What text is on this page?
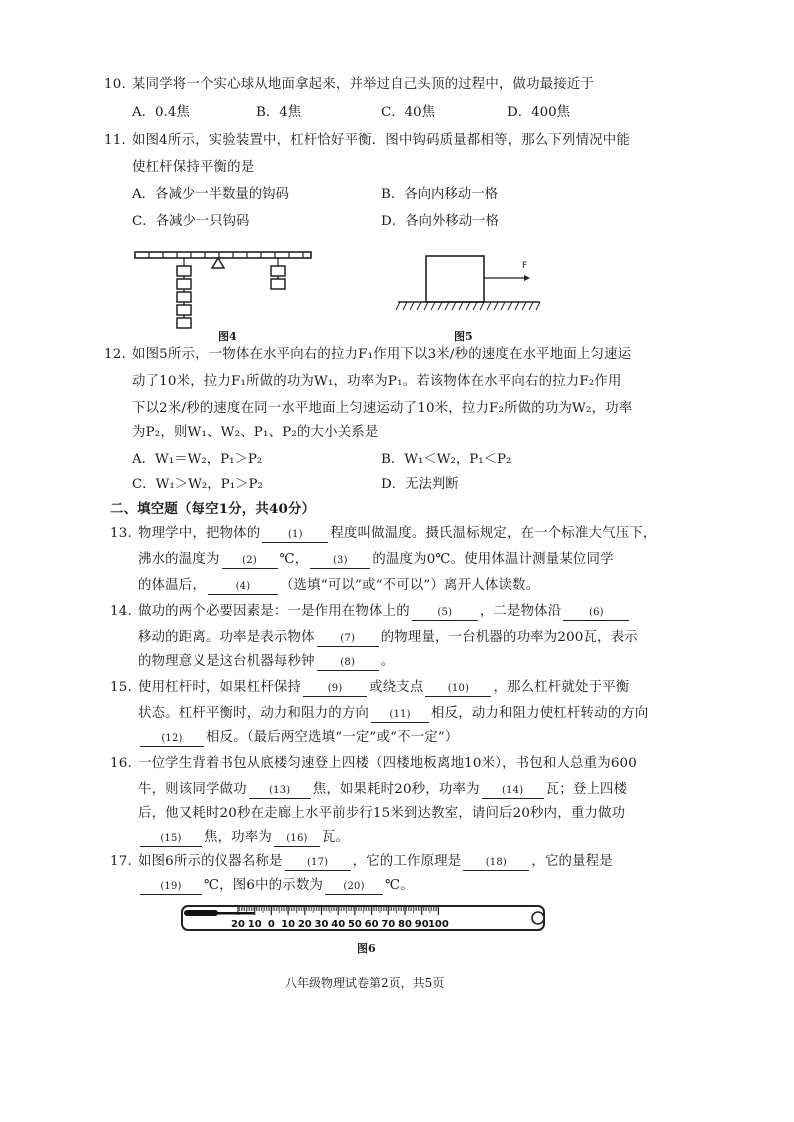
10. 某同学将一个实心球从地面拿起来，并举过自己头顶的过程中，做功最接近于
A．0.4焦	B．4焦	C．40焦	D．400焦
11．如图4所示，实验装置中，杠杆恰好平衡．图中钩码质量都相等，那么下列情况中能
使杠杆保持平衡的是
A．各减少一半数量的钩码	B．各向内移动一格
C．各减少一只钩码	D．各向外移动一格
图4
F
图5
12. 如图5所示，一物体在水平向右的拉力F₁作用下以3米/秒的速度在水平地面上匀速运
动了10米，拉力F₁所做的功为W₁，功率为P₁。若该物体在水平向右的拉力F₂作用
下以2米/秒的速度在同一水平地面上匀速运动了10米，拉力F₂所做的功为W₂，功率
为P₂，则W₁、W₂、P₁、P₂的大小关系是
A．W₁＝W₂，P₁＞P₂	B．W₁＜W₂，P₁＜P₂
C．W₁＞W₂，P₁＞P₂	D．无法判断
二、填空题（每空1分，共40分）
13. 物理学中，把物体的	(1) 程度叫做温度。摄氏温标规定，在一个标准大气压下，
沸水的温度为 (2) ℃， (3) 的温度为0℃。使用体温计测量某位同学
的体温后，	(4) （选填“可以”或“不可以”）离开人体读数。
14. 做功的两个必要因素是：一是作用在物体上的	(5) ，二是物体沿	(6)
移动的距离。功率是表示物体	(7) 的物理量，一台机器的功率为200瓦，表示
的物理意义是这台机器每秒钟	(8) 。
15. 使用杠杆时，如果杠杆保持	(9) 或绕支点 (10) ，那么杠杆就处于平衡
状态。杠杆平衡时，动力和阻力的方向 (11) 相反，动力和阻力使杠杆转动的方向
(12) 相反。（最后两空选填“一定”或“不一定”）
16. 一位学生背着书包从底楼匀速登上四楼（四楼地板离地10米），书包和人总重为600
牛，则该同学做功 (13) 焦，如果耗时20秒，功率为 (14) 瓦；登上四楼
后，他又耗时20秒在走廊上水平前步行15米到达教室，请问后20秒内，重力做功
(15) 焦，功率为 (16) 瓦。
17. 如图6所示的仪器名称是 (17) ，它的工作原理是 (18) ，它的量程是
(19) ℃，图6中的示数为 (20) ℃。
20 10 0 10 20 30 40 50 60 70 80 90 100
图6
八年级物理试卷第2页，共5页
